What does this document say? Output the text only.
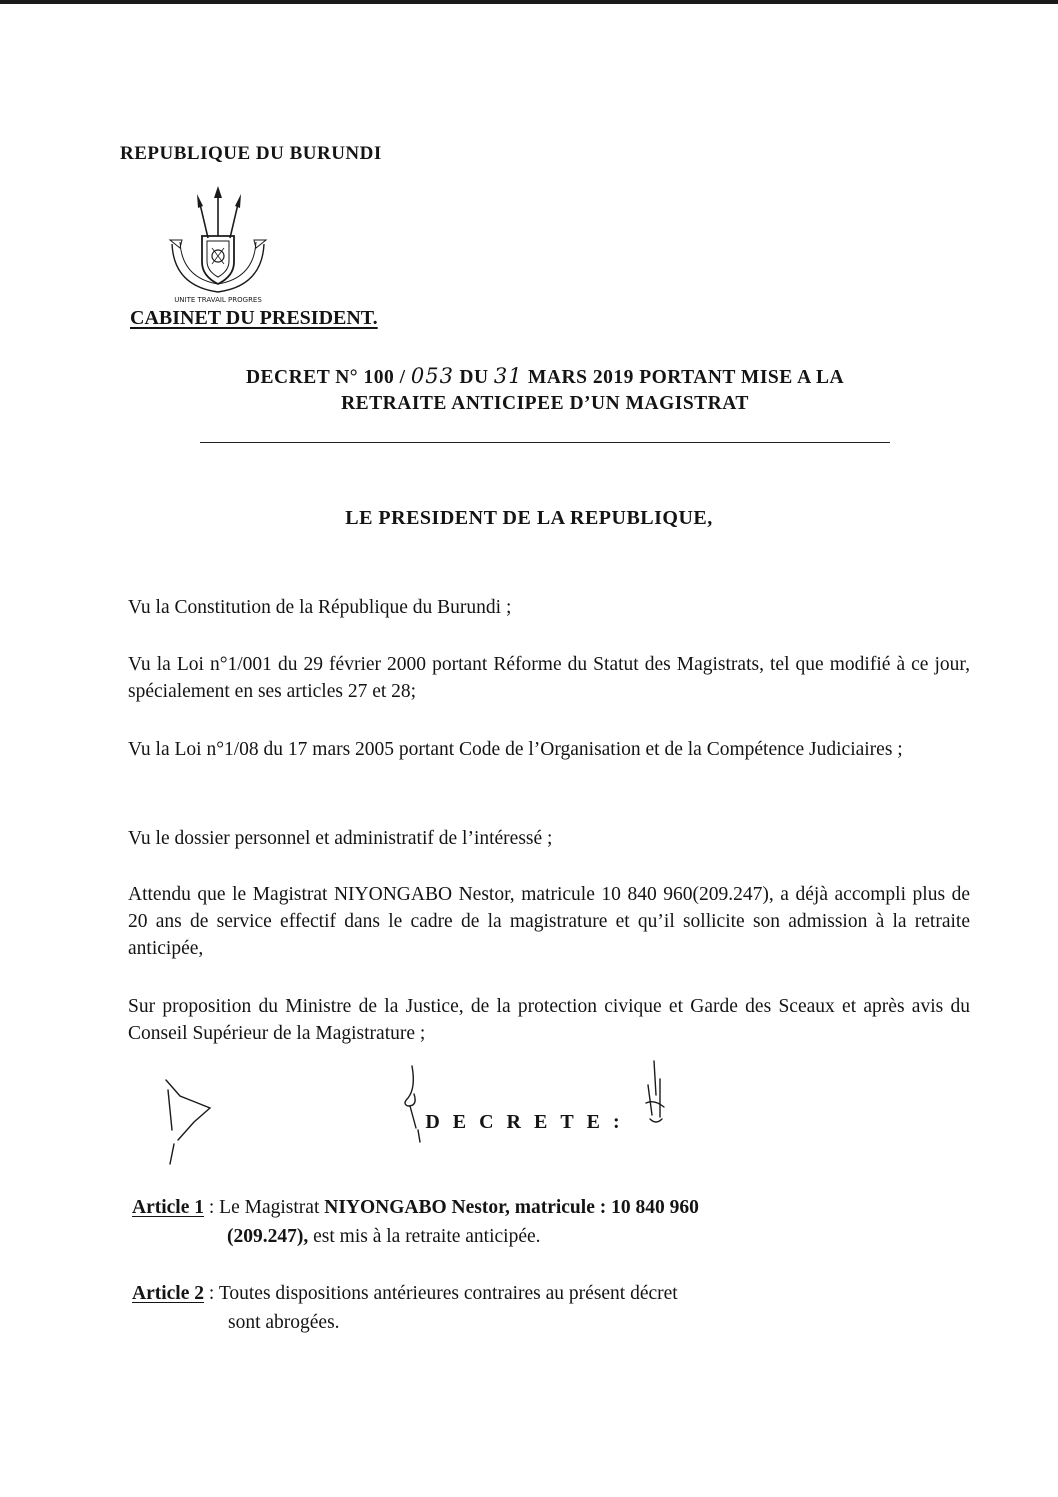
REPUBLIQUE DU BURUNDI
UNITE TRAVAIL PROGRES
CABINET DU PRESIDENT.
DECRET N° 100 / 053 DU 31 MARS 2019 PORTANT MISE A LA
RETRAITE ANTICIPEE D’UN MAGISTRAT
LE PRESIDENT DE LA REPUBLIQUE,
Vu la Constitution de la République du Burundi ;
Vu la Loi n°1/001 du 29 février 2000 portant Réforme du Statut des Magistrats, tel que modifié à ce jour, spécialement en ses articles 27 et 28;
Vu la Loi n°1/08 du 17 mars 2005 portant Code de l’Organisation et de la Compétence Judiciaires ;
Vu le dossier personnel et administratif de l’intéressé ;
Attendu que le Magistrat NIYONGABO Nestor, matricule 10 840 960(209.247), a déjà accompli plus de 20 ans de service effectif dans le cadre de la magistrature et qu’il sollicite son admission à la retraite anticipée,
Sur proposition du Ministre de la Justice, de la protection civique et Garde des Sceaux et après avis du Conseil Supérieur de la Magistrature ;
DECRETE:
Article 1 : Le Magistrat NIYONGABO Nestor, matricule : 10 840 960
(209.247), est mis à la retraite anticipée.
Article 2 : Toutes dispositions antérieures contraires au présent décret
sont abrogées.
